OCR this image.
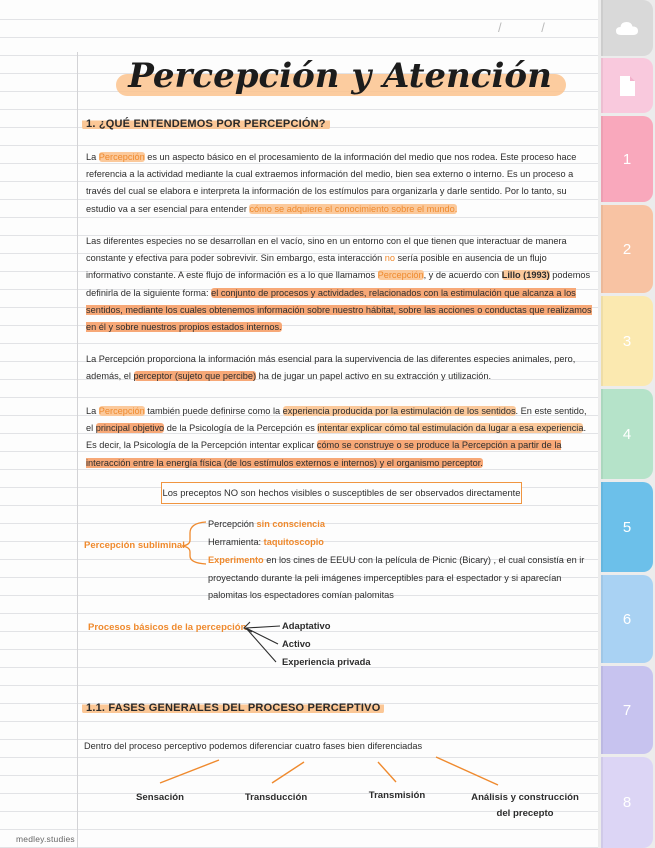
/ /
Percepción y Atención
1. ¿QUÉ ENTENDEMOS POR PERCEPCIÓN?
La Percepción es un aspecto básico en el procesamiento de la información del medio que nos rodea. Este proceso hace referencia a la actividad mediante la cual extraemos información del medio, bien sea externo o interno. Es un proceso a través del cual se elabora e interpreta la información de los estímulos para organizarla y darle sentido. Por lo tanto, su estudio va a ser esencial para entender cómo se adquiere el conocimiento sobre el mundo.
Las diferentes especies no se desarrollan en el vacío, sino en un entorno con el que tienen que interactuar de manera constante y efectiva para poder sobrevivir. Sin embargo, esta interacción no sería posible en ausencia de un flujo informativo constante. A este flujo de información es a lo que llamamos Percepción, y de acuerdo con Lillo (1993) podemos definirla de la siguiente forma: el conjunto de procesos y actividades, relacionados con la estimulación que alcanza a los sentidos, mediante los cuales obtenemos información sobre nuestro hábitat, sobre las acciones o conductas que realizamos en él y sobre nuestros propios estados internos.
La Percepción proporciona la información más esencial para la supervivencia de las diferentes especies animales, pero, además, el perceptor (sujeto que percibe) ha de jugar un papel activo en su extracción y utilización.
La Percepción también puede definirse como la experiencia producida por la estimulación de los sentidos. En este sentido, el principal objetivo de la Psicología de la Percepción es intentar explicar cómo tal estimulación da lugar a esa experiencia. Es decir, la Psicología de la Percepción intentar explicar cómo se construye o se produce la Percepción a partir de la interacción entre la energía física (de los estímulos externos e internos) y el organismo perceptor.
Los preceptos NO son hechos visibles o susceptibles de ser observados directamente
Percepción subliminal
Percepción sin consciencia
Herramienta: taquitoscopio
Experimento en los cines de EEUU con la película de Picnic (Bicary) , el cual consistía en ir proyectando durante la peli imágenes imperceptibles para el espectador y si aparecían palomitas los espectadores comían palomitas
Procesos básicos de la percepción	Adaptativo
Activo
Experiencia privada
1.1. FASES GENERALES DEL PROCESO PERCEPTIVO
Dentro del proceso perceptivo podemos diferenciar cuatro fases bien diferenciadas
Sensación	Transducción	Transmisión	Análisis y construcción del precepto
medley.studies
1
2
3
4
5
6
7
8
